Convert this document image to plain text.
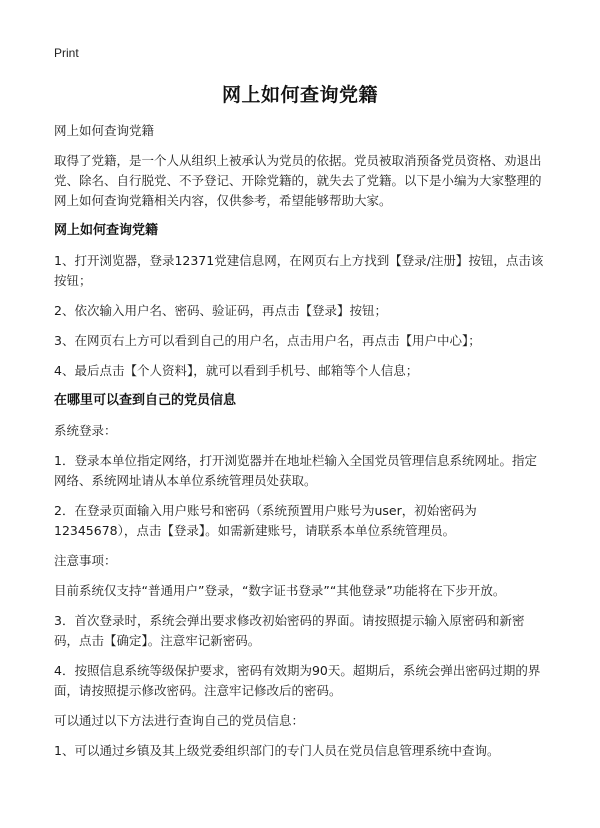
Print
网上如何查询党籍
网上如何查询党籍
取得了党籍，是一个人从组织上被承认为党员的依据。党员被取消预备党员资格、劝退出党、除名、自行脱党、不予登记、开除党籍的，就失去了党籍。以下是小编为大家整理的网上如何查询党籍相关内容，仅供参考，希望能够帮助大家。
网上如何查询党籍
1、打开浏览器，登录12371党建信息网，在网页右上方找到【登录/注册】按钮，点击该按钮；
2、依次输入用户名、密码、验证码，再点击【登录】按钮；
3、在网页右上方可以看到自己的用户名，点击用户名，再点击【用户中心】；
4、最后点击【个人资料】，就可以看到手机号、邮箱等个人信息；
在哪里可以查到自己的党员信息
系统登录：
1．登录本单位指定网络，打开浏览器并在地址栏输入全国党员管理信息系统网址。指定网络、系统网址请从本单位系统管理员处获取。
2．在登录页面输入用户账号和密码（系统预置用户账号为user，初始密码为12345678），点击【登录】。如需新建账号，请联系本单位系统管理员。
注意事项：
目前系统仅支持“普通用户”登录，“数字证书登录”“其他登录”功能将在下步开放。
3．首次登录时，系统会弹出要求修改初始密码的界面。请按照提示输入原密码和新密码，点击【确定】。注意牢记新密码。
4．按照信息系统等级保护要求，密码有效期为90天。超期后，系统会弹出密码过期的界面，请按照提示修改密码。注意牢记修改后的密码。
可以通过以下方法进行查询自己的党员信息：
1、可以通过乡镇及其上级党委组织部门的专门人员在党员信息管理系统中查询。
